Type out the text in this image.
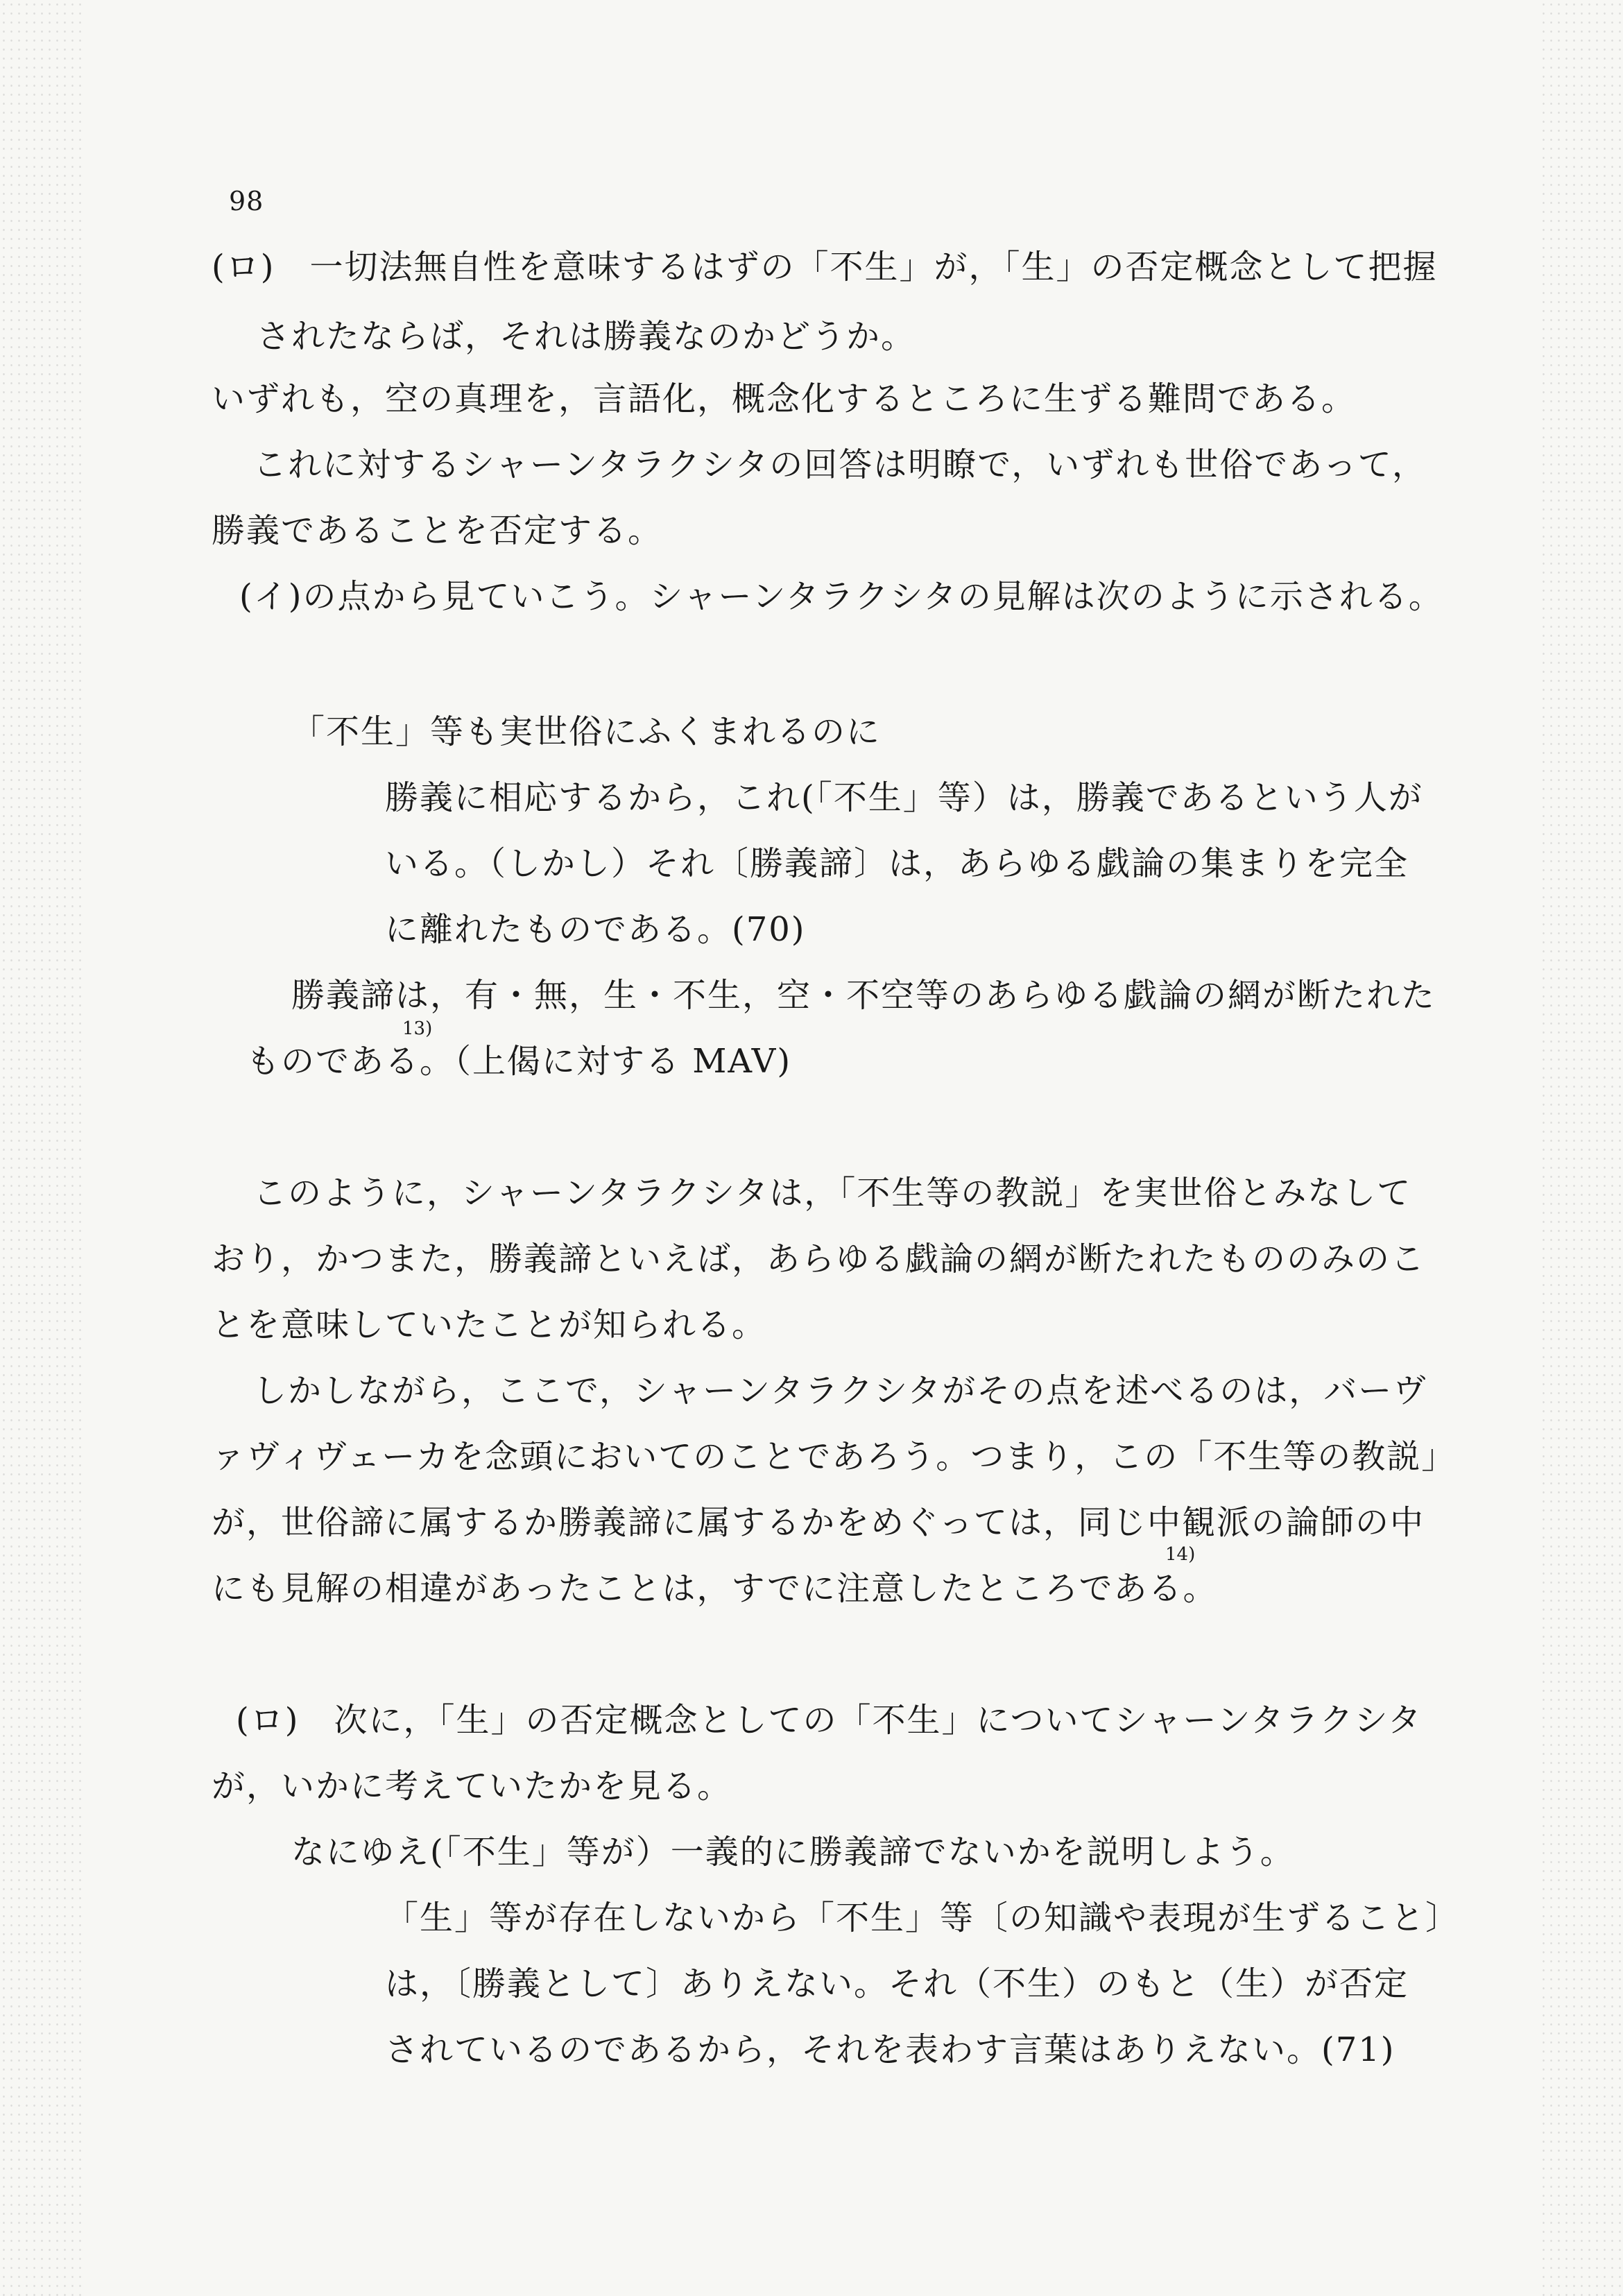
98
(ロ)　一切法無自性を意味するはずの「不生」が，「生」の否定概念として把握
されたならば，それは勝義なのかどうか。
いずれも，空の真理を，言語化，概念化するところに生ずる難問である。
これに対するシャーンタラクシタの回答は明瞭で，いずれも世俗であって，
勝義であることを否定する。
(イ)の点から見ていこう。シャーンタラクシタの見解は次のように示される。
「不生」等も実世俗にふくまれるのに
勝義に相応するから，これ(「不生」等）は，勝義であるという人が
いる。（しかし）それ〔勝義諦〕は，あらゆる戯論の集まりを完全
に離れたものである。(70)
勝義諦は，有・無，生・不生，空・不空等のあらゆる戯論の網が断たれた
ものである。（上偈に対する MAV)
このように，シャーンタラクシタは，「不生等の教説」を実世俗とみなして
おり，かつまた，勝義諦といえば，あらゆる戯論の網が断たれたもののみのこ
とを意味していたことが知られる。
しかしながら，ここで，シャーンタラクシタがその点を述べるのは，バーヴ
ァヴィヴェーカを念頭においてのことであろう。つまり，この「不生等の教説」
が，世俗諦に属するか勝義諦に属するかをめぐっては，同じ中観派の論師の中
にも見解の相違があったことは，すでに注意したところである。
(ロ)　次に，「生」の否定概念としての「不生」についてシャーンタラクシタ
が，いかに考えていたかを見る。
なにゆえ(「不生」等が）一義的に勝義諦でないかを説明しよう。
「生」等が存在しないから「不生」等〔の知識や表現が生ずること〕
は，〔勝義として〕ありえない。それ（不生）のもと（生）が否定
されているのであるから，それを表わす言葉はありえない。(71)
13)
14)
